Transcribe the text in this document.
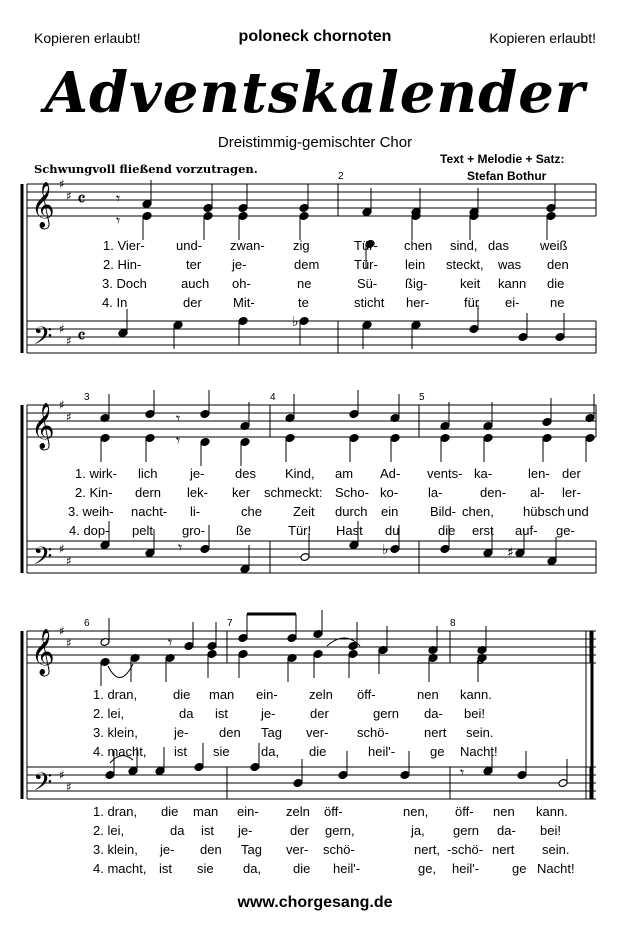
Kopieren erlaubt!	poloneck chornoten	Kopieren erlaubt!
Adventskalender
Dreistimmig-gemischter Chor
Schwungvoll fließend vorzutragen.
Text + Melodie + Satz:
Stefan Bothur
𝄞
𝄢
♯
♯
♯
♯
𝄴
𝄴
2
𝄾
𝄾
♭
𝄞
𝄢
♯
♯
♯
♯
3	4	5
𝄾
𝄾
𝄾	♭	♯
𝄞
𝄢
♯
♯
♯
♯
6	7	8
𝄾
𝅝
𝄾
1. Vier- und- zwan- zig	Tür- chen sind, das weiß
2. Hin-	ter je-	dem	Tür- lein steckt, was den
3. Doch	auch oh-	ne	Sü- ßig-	keit kann die
4. In	der Mit-	te	sticht her-	für ei- ne
1. wirk- lich je- des Kind, am Ad- vents- ka-	len- der
2. Kin- dern lek- ker schmeckt: Scho- ko- la-	den- al- ler-
3. weih- nacht- li-	che Zeit durch ein Bild- chen, hübsch und
4. dop- pelt gro- ße	Tür! Hast du	die erst auf- ge-
1. dran,	die man ein- zeln öff-	nen kann.
2. lei,	da ist	je-	der	gern da- bei!
3. klein,	je- den Tag ver- schö-	nert sein.
4. macht, ist sie da, die	heil'-	ge Nacht!
1. dran, die man ein- zeln öff-	nen, öff- nen kann.
2. lei,	da ist je-	der gern,	ja, gern da- bei!
3. klein, je- den Tag ver- schö-	nert, -schö- nert sein.
4. macht, ist sie da, die heil'-	ge, heil'-	ge Nacht!
www.chorgesang.de
